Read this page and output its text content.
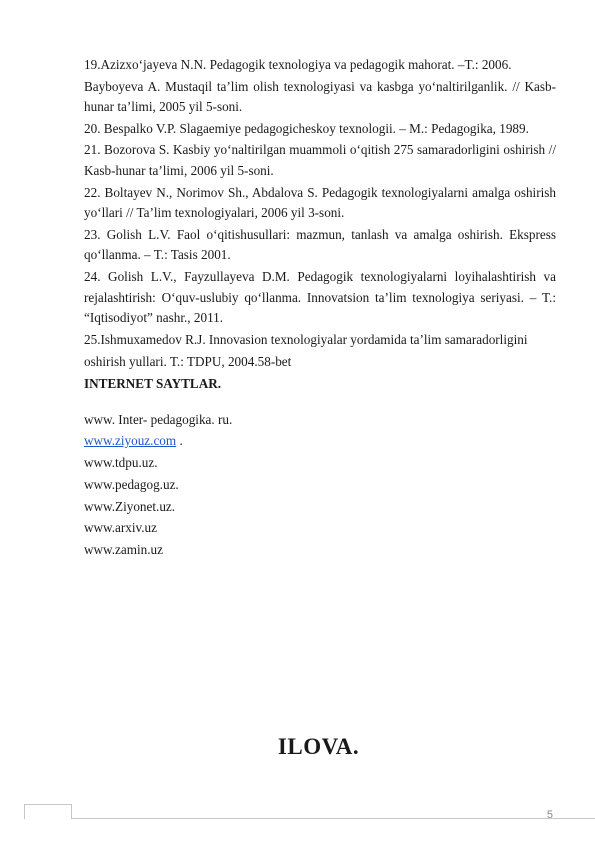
19.Azizxo‘jayeva N.N. Pedagogik texnologiya va pedagogik mahorat. –T.: 2006.

Bayboyeva A. Mustaqil ta’lim olish texnologiyasi va kasbga yo‘naltirilganlik. // Kasb-hunar ta’limi, 2005 yil 5-soni.

20. Bespalko V.P. Slagaemiye pedagogicheskoy texnologii. – M.: Pedagogika, 1989.

21. Bozorova S. Kasbiy yo‘naltirilgan muammoli o‘qitish 275 samaradorligini oshirish // Kasb-hunar ta’limi, 2006 yil 5-soni.

22. Boltayev N., Norimov Sh., Abdalova S. Pedagogik texnologiyalarni amalga oshirish yo‘llari // Ta’lim texnologiyalari, 2006 yil 3-soni.

23. Golish L.V. Faol o‘qitishusullari: mazmun, tanlash va amalga oshirish. Ekspress qo‘llanma. – T.: Tasis 2001.

24. Golish L.V., Fayzullayeva D.M. Pedagogik texnologiyalarni loyihalashtirish va rejalashtirish: O‘quv-uslubiy qo‘llanma. Innovatsion ta’lim texnologiya seriyasi. – T.: “Iqtisodiyot” nashr., 2011.

25.Ishmuxamedov R.J. Innovasion texnologiyalar yordamida ta’lim samaradorligini

oshirish yullari. T.: TDPU, 2004.58-bet

INTERNET SAYTLAR.
www. Inter- pedagogika. ru.
www.ziyouz.com .
www.tdpu.uz.
www.pedagog.uz.
www.Ziyonet.uz.
www.arxiv.uz
www.zamin.uz
ILOVA.
5
